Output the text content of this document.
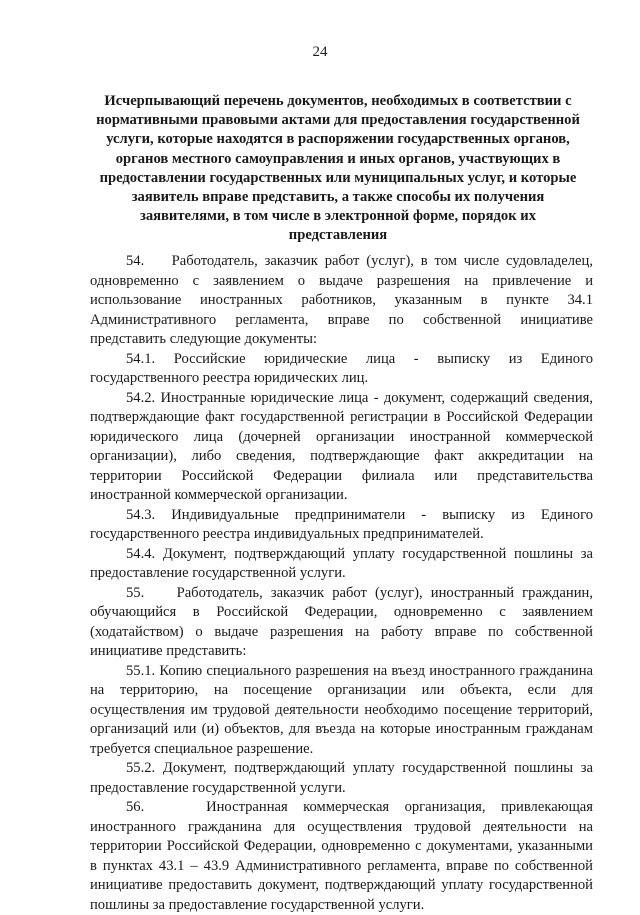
24
Исчерпывающий перечень документов, необходимых в соответствии с
нормативными правовыми актами для предоставления государственной
услуги, которые находятся в распоряжении государственных органов,
органов местного самоуправления и иных органов, участвующих в
предоставлении государственных или муниципальных услуг, и которые
заявитель вправе представить, а также способы их получения
заявителями, в том числе в электронной форме, порядок их
представления

54.    Работодатель, заказчик работ (услуг), в том числе судовладелец, одновременно с заявлением о выдаче разрешения на привлечение и использование иностранных работников, указанным в пункте 34.1 Административного регламента, вправе по собственной инициативе представить следующие документы:

54.1. Российские юридические лица - выписку из Единого государственного реестра юридических лиц.

54.2. Иностранные юридические лица - документ, содержащий сведения, подтверждающие факт государственной регистрации в Российской Федерации юридического лица (дочерней организации иностранной коммерческой организации), либо сведения, подтверждающие факт аккредитации на территории Российской Федерации филиала или представительства иностранной коммерческой организации.

54.3. Индивидуальные предприниматели - выписку из Единого государственного реестра индивидуальных предпринимателей.

54.4. Документ, подтверждающий уплату государственной пошлины за предоставление государственной услуги.

55.    Работодатель, заказчик работ (услуг), иностранный гражданин, обучающийся в Российской Федерации, одновременно с заявлением (ходатайством) о выдаче разрешения на работу вправе по собственной инициативе представить:

55.1. Копию специального разрешения на въезд иностранного гражданина на территорию, на посещение организации или объекта, если для осуществления им трудовой деятельности необходимо посещение территорий, организаций или (и) объектов, для въезда на которые иностранным гражданам требуется специальное разрешение.

55.2. Документ, подтверждающий уплату государственной пошлины за предоставление государственной услуги.

56.    Иностранная коммерческая организация, привлекающая иностранного гражданина для осуществления трудовой деятельности на территории Российской Федерации, одновременно с документами, указанными в пунктах 43.1 – 43.9 Административного регламента, вправе по собственной инициативе предоставить документ, подтверждающий уплату государственной пошлины за предоставление государственной услуги.
